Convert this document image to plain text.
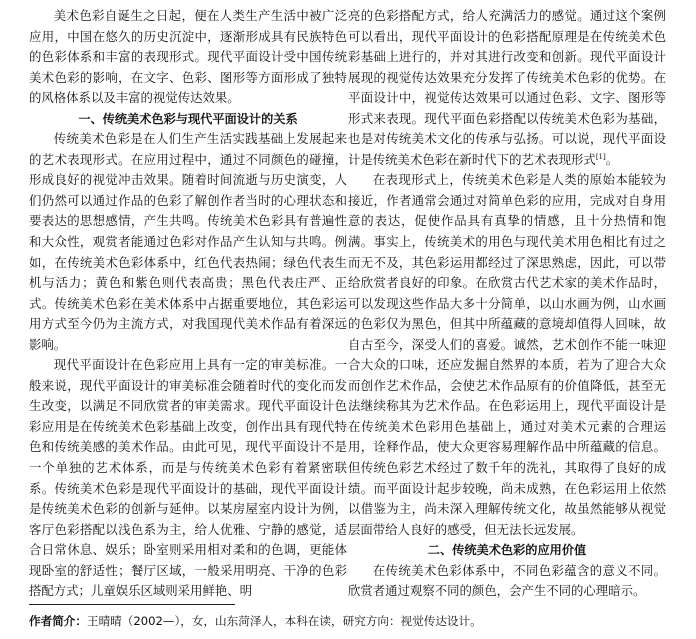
美术色彩自诞生之日起，便在人类生产生活中被广泛应用，中国在悠久的历史沉淀中，逐渐形成具有民族特色的色彩体系和丰富的表现形式。现代平面设计受中国传统美术色彩的影响，在文字、色彩、图形等方面形成了独特的风格体系以及丰富的视觉传达效果。

一、传统美术色彩与现代平面设计的关系

传统美术色彩是在人们生产生活实践基础上发展起来的艺术表现形式。在应用过程中，通过不同颜色的碰撞，形成良好的视觉冲击效果。随着时间流逝与历史演变，人们仍然可以通过作品的色彩了解创作者当时的心理状态和要表达的思想感情，产生共鸣。传统美术色彩具有普遍性和大众性，观赏者能通过色彩对作品产生认知与共鸣。例如，在传统美术色彩体系中，红色代表热闹；绿色代表生机与活力；黄色和紫色则代表高贵；黑色代表庄严、正式。传统美术色彩在美术体系中占据重要地位，其色彩运用方式至今仍为主流方式，对我国现代美术作品有着深远影响。

现代平面设计在色彩应用上具有一定的审美标准。一般来说，现代平面设计的审美标准会随着时代的变化而发生改变，以满足不同欣赏者的审美需求。现代平面设计色彩应用是在传统美术色彩基础上改变，创作出具有现代特色和传统美感的美术作品。由此可见，现代平面设计不是一个单独的艺术体系，而是与传统美术色彩有着紧密联系。传统美术色彩是现代平面设计的基础，现代平面设计是传统美术色彩的创新与延伸。以某房屋室内设计为例，客厅色彩搭配以浅色系为主，给人优雅、宁静的感觉，适合日常休息、娱乐；卧室则采用相对柔和的色调，更能体现卧室的舒适性；餐厅区域，一般采用明亮、干净的色彩搭配方式；儿童娱乐区域则采用鲜艳、明

亮的色彩搭配方式，给人充满活力的感觉。通过这个案例可以看出，现代平面设计的色彩搭配原理是在传统美术色彩基础上进行的，并对其进行改变和创新。现代平面设计展现的视觉传达效果充分发挥了传统美术色彩的优势。在平面设计中，视觉传达效果可以通过色彩、文字、图形等形式来表现。现代平面色彩搭配以传统美术色彩为基础，也是对传统美术文化的传承与弘扬。可以说，现代平面设计是传统美术色彩在新时代下的艺术表现形式[1]。

在表现形式上，传统美术色彩是人类的原始本能较为接近，作者通常会通过对简单色彩的应用，完成对自身用意的表达，促使作品具有真挚的情感，且十分热情和饱满。事实上，传统美术的用色与现代美术用色相比有过之而无不及，其色彩运用都经过了深思熟虑，因此，可以带给欣赏者良好的印象。在欣赏古代艺术家的美术作品时，可以发现这些作品大多十分简单，以山水画为例，山水画的色彩仅为黑色，但其中所蕴藏的意境却值得人回味，故自古至今，深受人们的喜爱。诚然，艺术创作不能一味迎合大众的口味，还应发掘自然界的本质，若为了迎合大众而创作艺术作品，会使艺术作品原有的价值降低，甚至无法继续称其为艺术作品。在色彩运用上，现代平面设计是在传统美术色彩用色基础上，通过对美术元素的合理运用，诠释作品，使大众更容易理解作品中所蕴藏的信息。但传统色彩艺术经过了数千年的洗礼，其取得了良好的成绩。而平面设计起步较晚，尚未成熟，在色彩运用上依然以借鉴为主，尚未深入理解传统文化，故虽然能够从视觉层面带给人良好的感受，但无法长远发展。

二、传统美术色彩的应用价值

在传统美术色彩体系中，不同色彩蕴含的意义不同。欣赏者通过观察不同的颜色，会产生不同的心理暗示。

作者简介：王晴晴（2002—），女，山东菏泽人，本科在读，研究方向：视觉传达设计。
